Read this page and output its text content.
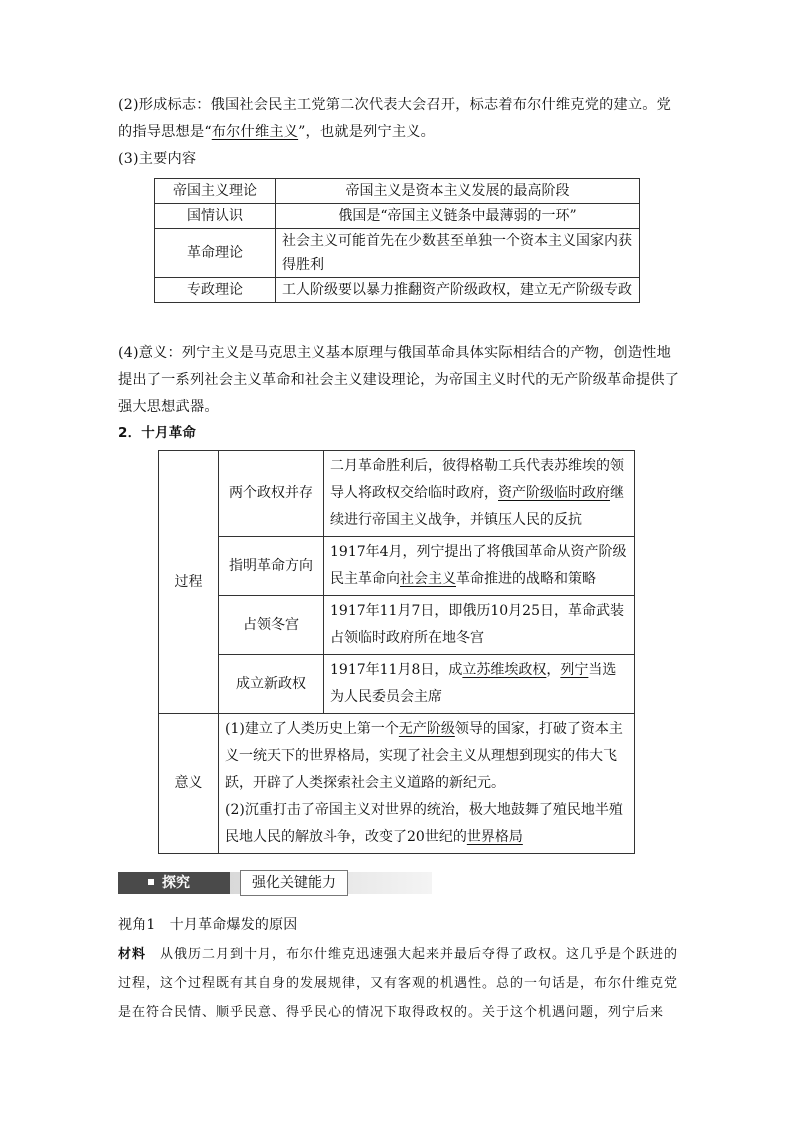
(2)形成标志：俄国社会民主工党第二次代表大会召开，标志着布尔什维克党的建立。党的指导思想是“布尔什维主义”，也就是列宁主义。
(3)主要内容
帝国主义理论	帝国主义是资本主义发展的最高阶段
国情认识	俄国是“帝国主义链条中最薄弱的一环”
革命理论	社会主义可能首先在少数甚至单独一个资本主义国家内获得胜利
专政理论	工人阶级要以暴力推翻资产阶级政权，建立无产阶级专政
(4)意义：列宁主义是马克思主义基本原理与俄国革命具体实际相结合的产物，创造性地提出了一系列社会主义革命和社会主义建设理论，为帝国主义时代的无产阶级革命提供了强大思想武器。
2．十月革命
过程	两个政权并存	二月革命胜利后，彼得格勒工兵代表苏维埃的领导人将政权交给临时政府，资产阶级临时政府继续进行帝国主义战争，并镇压人民的反抗
	指明革命方向	1917年4月，列宁提出了将俄国革命从资产阶级民主革命向社会主义革命推进的战略和策略
	占领冬宫	1917年11月7日，即俄历10月25日，革命武装占领临时政府所在地冬宫
	成立新政权	1917年11月8日，成立苏维埃政权，列宁当选为人民委员会主席
意义	(1)建立了人类历史上第一个无产阶级领导的国家，打破了资本主义一统天下的世界格局，实现了社会主义从理想到现实的伟大飞跃，开辟了人类探索社会主义道路的新纪元。
(2)沉重打击了帝国主义对世界的统治，极大地鼓舞了殖民地半殖民地人民的解放斗争，改变了20世纪的世界格局	
探究	强化关键能力
视角1　十月革命爆发的原因
材料　 从俄历二月到十月，布尔什维克迅速强大起来并最后夺得了政权。这几乎是个跃进的过程，这个过程既有其自身的发展规律，又有客观的机遇性。总的一句话是，布尔什维克党是在符合民情、顺乎民意、得乎民心的情况下取得政权的。关于这个机遇问题，列宁后来
